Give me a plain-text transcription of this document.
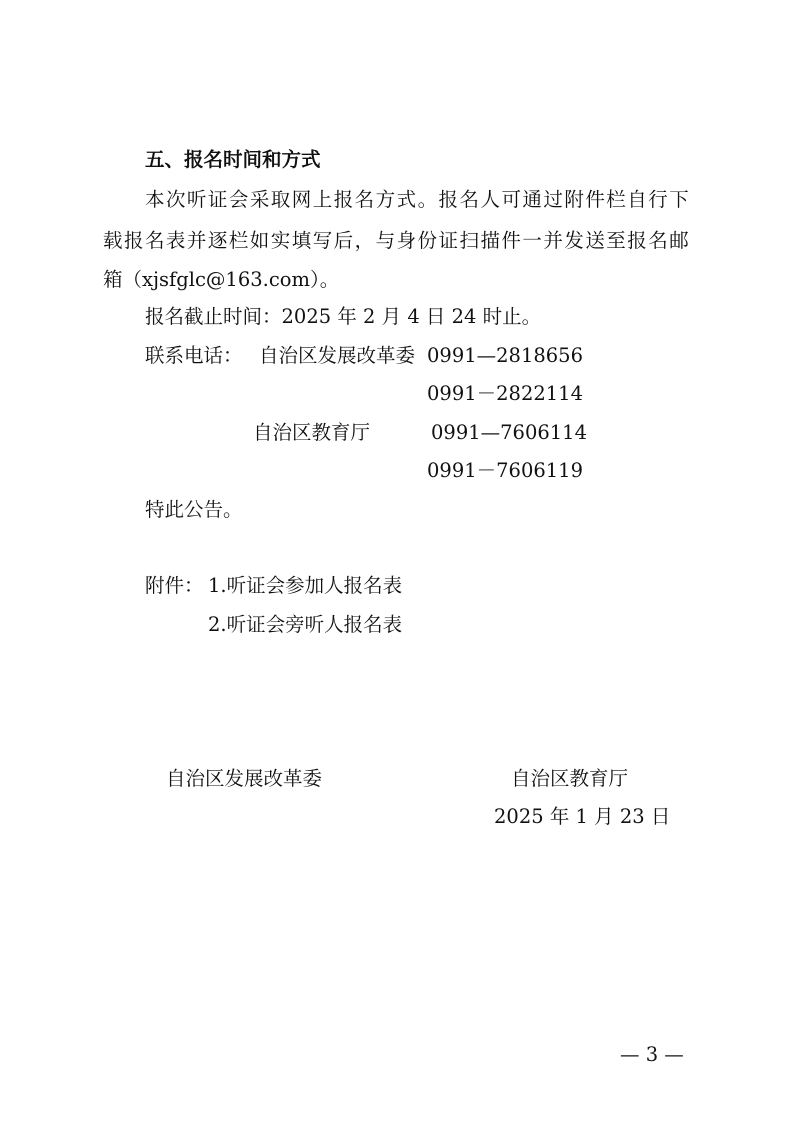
五、报名时间和方式
本次听证会采取网上报名方式。报名人可通过附件栏自行下
载报名表并逐栏如实填写后，与身份证扫描件一并发送至报名邮
箱（xjsfglc@163.com）。
报名截止时间：2025 年 2 月 4 日 24 时止。
联系电话： 自治区发展改革委 0991—2818656
0991－2822114
自治区教育厅	0991—7606114
0991－7606119
特此公告。
附件： 1.听证会参加人报名表
2.听证会旁听人报名表
自治区发展改革委	自治区教育厅
2025 年 1 月 23 日
— 3 —
